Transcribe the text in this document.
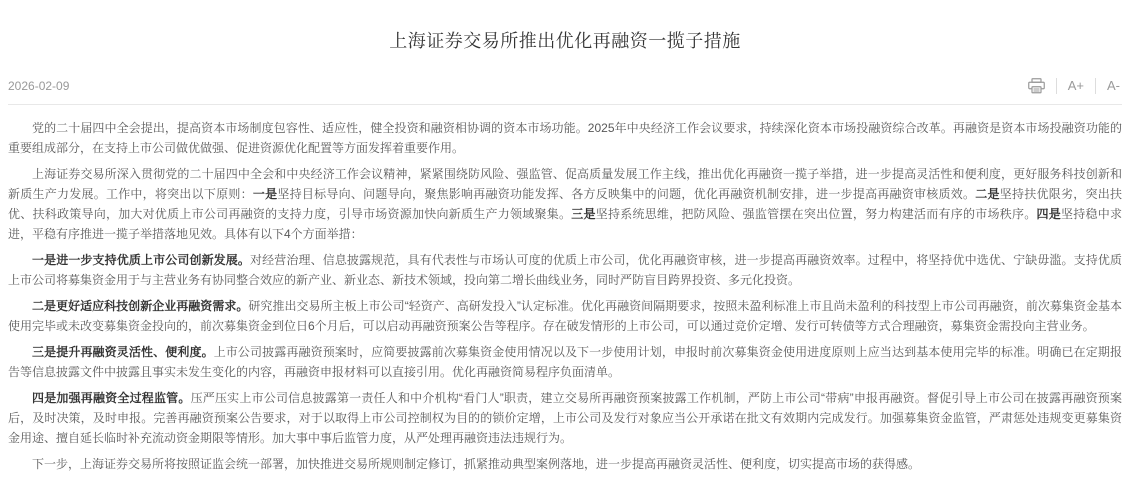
上海证券交易所推出优化再融资一揽子措施
2026-02-09	A+	A-

党的二十届四中全会提出，提高资本市场制度包容性、适应性，健全投资和融资相协调的资本市场功能。2025年中央经济工作会议要求，持续深化资本市场投融资综合改革。再融资是资本市场投融资功能的重要组成部分，在支持上市公司做优做强、促进资源优化配置等方面发挥着重要作用。

上海证券交易所深入贯彻党的二十届四中全会和中央经济工作会议精神，紧紧围绕防风险、强监管、促高质量发展工作主线，推出优化再融资一揽子举措，进一步提高灵活性和便利度，更好服务科技创新和新质生产力发展。工作中，将突出以下原则：一是坚持目标导向、问题导向，聚焦影响再融资功能发挥、各方反映集中的问题，优化再融资机制安排，进一步提高再融资审核质效。二是坚持扶优限劣，突出扶优、扶科政策导向，加大对优质上市公司再融资的支持力度，引导市场资源加快向新质生产力领域聚集。三是坚持系统思维，把防风险、强监管摆在突出位置，努力构建活而有序的市场秩序。四是坚持稳中求进，平稳有序推进一揽子举措落地见效。具体有以下4个方面举措：

一是进一步支持优质上市公司创新发展。对经营治理、信息披露规范，具有代表性与市场认可度的优质上市公司，优化再融资审核，进一步提高再融资效率。过程中，将坚持优中选优、宁缺毋滥。支持优质上市公司将募集资金用于与主营业务有协同整合效应的新产业、新业态、新技术领域，投向第二增长曲线业务，同时严防盲目跨界投资、多元化投资。

二是更好适应科技创新企业再融资需求。研究推出交易所主板上市公司“轻资产、高研发投入”认定标准。优化再融资间隔期要求，按照未盈利标准上市且尚未盈利的科技型上市公司再融资，前次募集资金基本使用完毕或未改变募集资金投向的，前次募集资金到位日6个月后，可以启动再融资预案公告等程序。存在破发情形的上市公司，可以通过竞价定增、发行可转债等方式合理融资，募集资金需投向主营业务。

三是提升再融资灵活性、便利度。上市公司披露再融资预案时，应简要披露前次募集资金使用情况以及下一步使用计划，申报时前次募集资金使用进度原则上应当达到基本使用完毕的标准。明确已在定期报告等信息披露文件中披露且事实未发生变化的内容，再融资申报材料可以直接引用。优化再融资简易程序负面清单。

四是加强再融资全过程监管。压严压实上市公司信息披露第一责任人和中介机构“看门人”职责，建立交易所再融资预案披露工作机制，严防上市公司“带病”申报再融资。督促引导上市公司在披露再融资预案后，及时决策，及时申报。完善再融资预案公告要求，对于以取得上市公司控制权为目的的锁价定增，上市公司及发行对象应当公开承诺在批文有效期内完成发行。加强募集资金监管，严肃惩处违规变更募集资金用途、擅自延长临时补充流动资金期限等情形。加大事中事后监管力度，从严处理再融资违法违规行为。

下一步，上海证券交易所将按照证监会统一部署，加快推进交易所规则制定修订，抓紧推动典型案例落地，进一步提高再融资灵活性、便利度，切实提高市场的获得感。
